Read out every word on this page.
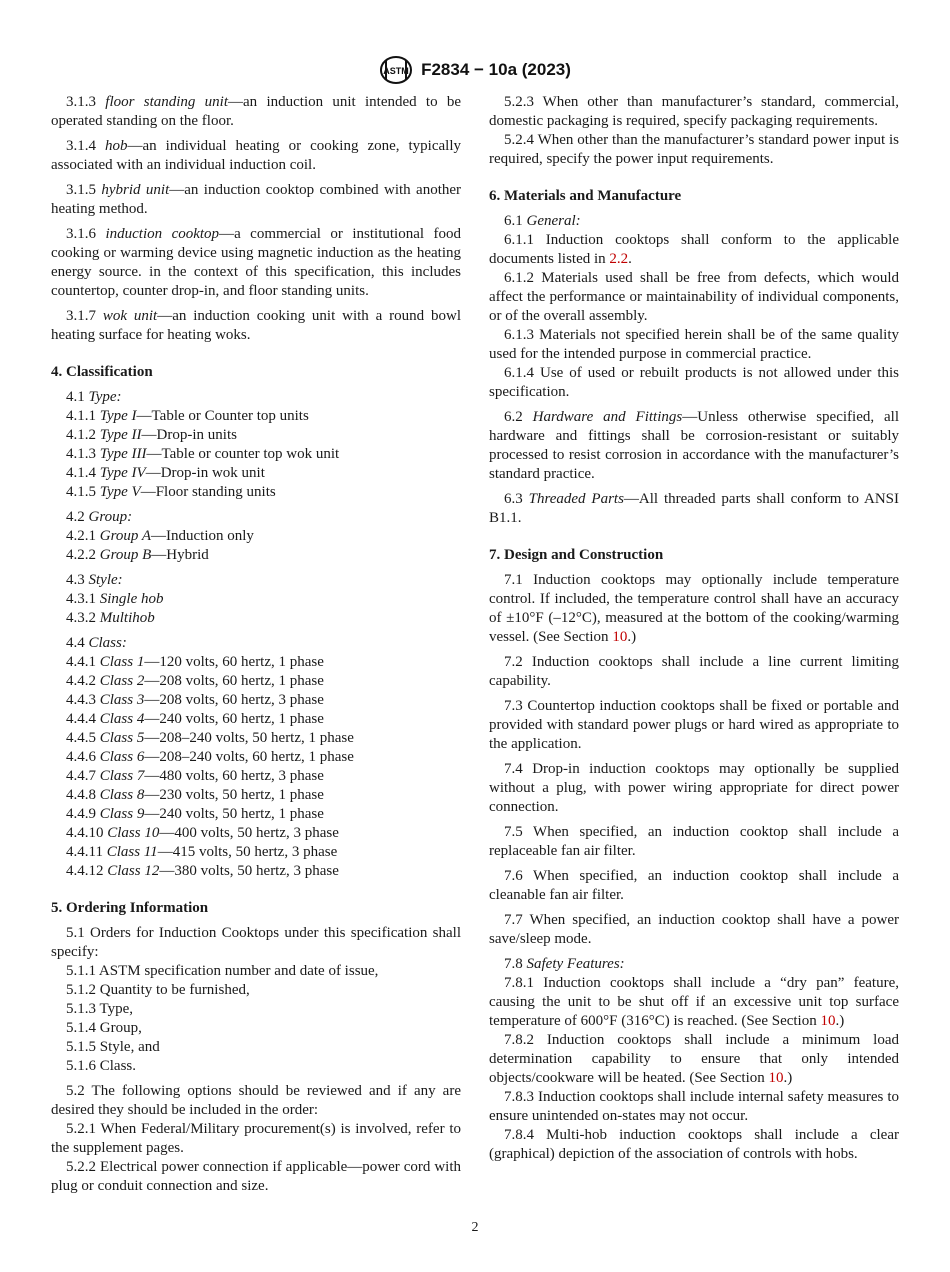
ASTM F2834 − 10a (2023)

3.1.3 floor standing unit—an induction unit intended to be operated standing on the floor.

3.1.4 hob—an individual heating or cooking zone, typically associated with an individual induction coil.

3.1.5 hybrid unit—an induction cooktop combined with another heating method.

3.1.6 induction cooktop—a commercial or institutional food cooking or warming device using magnetic induction as the heating energy source. in the context of this specification, this includes countertop, counter drop-in, and floor standing units.

3.1.7 wok unit—an induction cooking unit with a round bowl heating surface for heating woks.

4. Classification

4.1 Type:

4.1.1 Type I—Table or Counter top units

4.1.2 Type II—Drop-in units

4.1.3 Type III—Table or counter top wok unit

4.1.4 Type IV—Drop-in wok unit

4.1.5 Type V—Floor standing units

4.2 Group:

4.2.1 Group A—Induction only

4.2.2 Group B—Hybrid

4.3 Style:

4.3.1 Single hob

4.3.2 Multihob

4.4 Class:

4.4.1 Class 1—120 volts, 60 hertz, 1 phase

4.4.2 Class 2—208 volts, 60 hertz, 1 phase

4.4.3 Class 3—208 volts, 60 hertz, 3 phase

4.4.4 Class 4—240 volts, 60 hertz, 1 phase

4.4.5 Class 5—208–240 volts, 50 hertz, 1 phase

4.4.6 Class 6—208–240 volts, 60 hertz, 1 phase

4.4.7 Class 7—480 volts, 60 hertz, 3 phase

4.4.8 Class 8—230 volts, 50 hertz, 1 phase

4.4.9 Class 9—240 volts, 50 hertz, 1 phase

4.4.10 Class 10—400 volts, 50 hertz, 3 phase

4.4.11 Class 11—415 volts, 50 hertz, 3 phase

4.4.12 Class 12—380 volts, 50 hertz, 3 phase

5. Ordering Information

5.1 Orders for Induction Cooktops under this specification shall specify:

5.1.1 ASTM specification number and date of issue,

5.1.2 Quantity to be furnished,

5.1.3 Type,

5.1.4 Group,

5.1.5 Style, and

5.1.6 Class.

5.2 The following options should be reviewed and if any are desired they should be included in the order:

5.2.1 When Federal/Military procurement(s) is involved, refer to the supplement pages.

5.2.2 Electrical power connection if applicable—power cord with plug or conduit connection and size.

5.2.3 When other than manufacturer’s standard, commercial, domestic packaging is required, specify packaging requirements.

5.2.4 When other than the manufacturer’s standard power input is required, specify the power input requirements.

6. Materials and Manufacture

6.1 General:

6.1.1 Induction cooktops shall conform to the applicable documents listed in 2.2.

6.1.2 Materials used shall be free from defects, which would affect the performance or maintainability of individual components, or of the overall assembly.

6.1.3 Materials not specified herein shall be of the same quality used for the intended purpose in commercial practice.

6.1.4 Use of used or rebuilt products is not allowed under this specification.

6.2 Hardware and Fittings—Unless otherwise specified, all hardware and fittings shall be corrosion-resistant or suitably processed to resist corrosion in accordance with the manufacturer’s standard practice.

6.3 Threaded Parts—All threaded parts shall conform to ANSI B1.1.

7. Design and Construction

7.1 Induction cooktops may optionally include temperature control. If included, the temperature control shall have an accuracy of ±10°F (–12°C), measured at the bottom of the cooking/warming vessel. (See Section 10.)

7.2 Induction cooktops shall include a line current limiting capability.

7.3 Countertop induction cooktops shall be fixed or portable and provided with standard power plugs or hard wired as appropriate to the application.

7.4 Drop-in induction cooktops may optionally be supplied without a plug, with power wiring appropriate for direct power connection.

7.5 When specified, an induction cooktop shall include a replaceable fan air filter.

7.6 When specified, an induction cooktop shall include a cleanable fan air filter.

7.7 When specified, an induction cooktop shall have a power save/sleep mode.

7.8 Safety Features:

7.8.1 Induction cooktops shall include a “dry pan” feature, causing the unit to be shut off if an excessive unit top surface temperature of 600°F (316°C) is reached. (See Section 10.)

7.8.2 Induction cooktops shall include a minimum load determination capability to ensure that only intended objects/cookware will be heated. (See Section 10.)

7.8.3 Induction cooktops shall include internal safety measures to ensure unintended on-states may not occur.

7.8.4 Multi-hob induction cooktops shall include a clear (graphical) depiction of the association of controls with hobs.

2
